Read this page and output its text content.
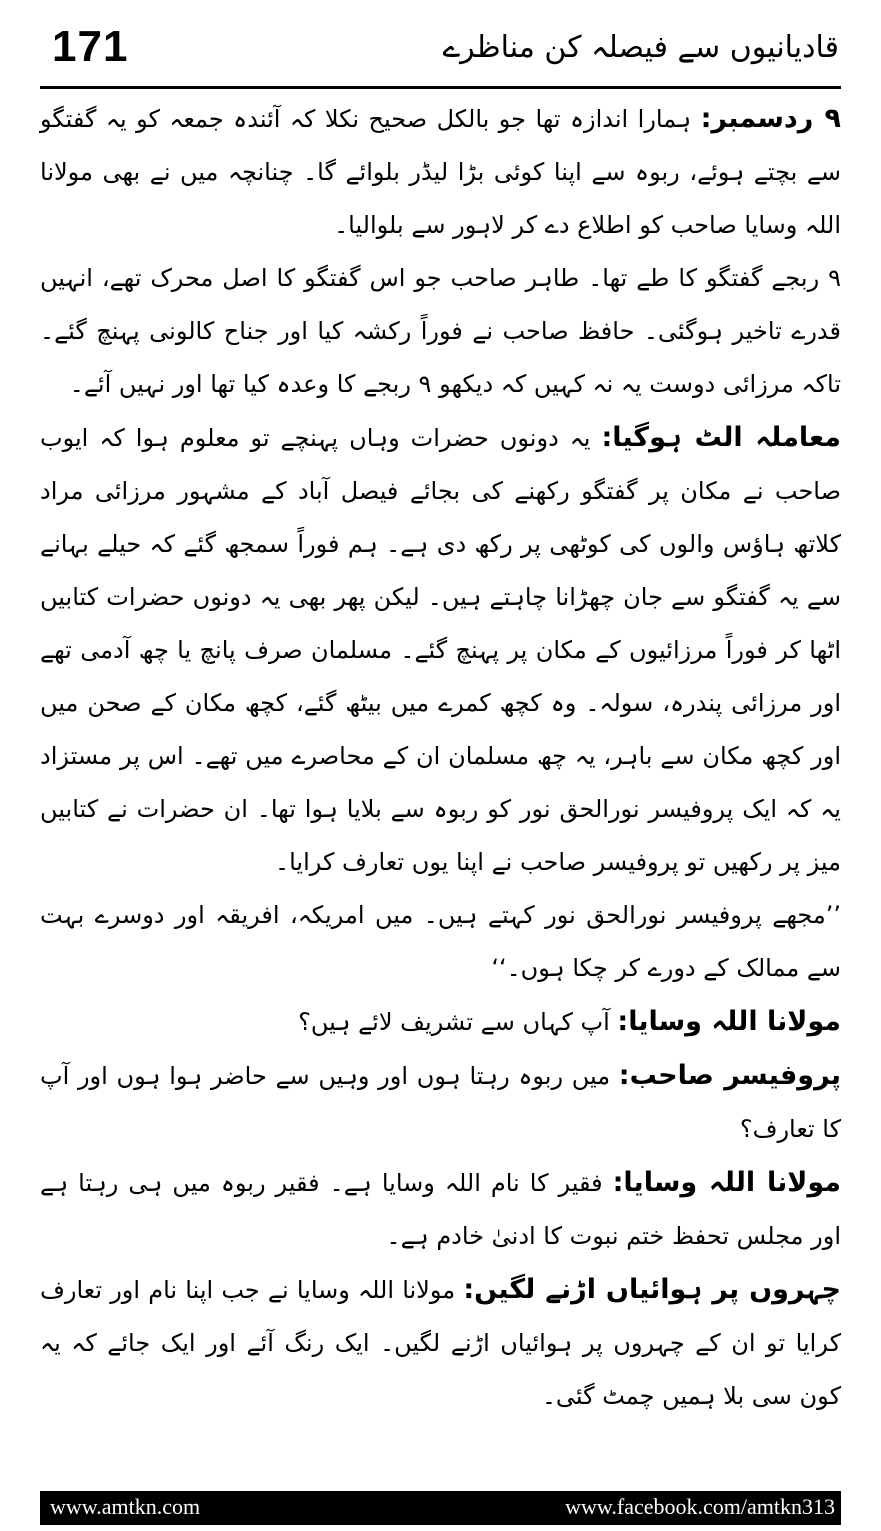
171	قادیانیوں سے فیصلہ کن مناظرے

۹ ردسمبر: ہمارا اندازہ تھا جو بالکل صحیح نکلا کہ آئندہ جمعہ کو یہ گفتگو سے بچتے ہوئے، ربوہ سے اپنا کوئی بڑا لیڈر بلوائے گا۔ چنانچہ میں نے بھی مولانا اللہ وسایا صاحب کو اطلاع دے کر لاہور سے بلوالیا۔

۹ ربجے گفتگو کا طے تھا۔ طاہر صاحب جو اس گفتگو کا اصل محرک تھے، انہیں قدرے تاخیر ہوگئی۔ حافظ صاحب نے فوراً رکشہ کیا اور جناح کالونی پہنچ گئے۔ تاکہ مرزائی دوست یہ نہ کہیں کہ دیکھو ۹ ربجے کا وعدہ کیا تھا اور نہیں آئے۔

معاملہ الٹ ہوگیا: یہ دونوں حضرات وہاں پہنچے تو معلوم ہوا کہ ایوب صاحب نے مکان پر گفتگو رکھنے کی بجائے فیصل آباد کے مشہور مرزائی مراد کلاتھ ہاؤس والوں کی کوٹھی پر رکھ دی ہے۔ ہم فوراً سمجھ گئے کہ حیلے بہانے سے یہ گفتگو سے جان چھڑانا چاہتے ہیں۔ لیکن پھر بھی یہ دونوں حضرات کتابیں اٹھا کر فوراً مرزائیوں کے مکان پر پہنچ گئے۔ مسلمان صرف پانچ یا چھ آدمی تھے اور مرزائی پندرہ، سولہ۔ وہ کچھ کمرے میں بیٹھ گئے، کچھ مکان کے صحن میں اور کچھ مکان سے باہر، یہ چھ مسلمان ان کے محاصرے میں تھے۔ اس پر مستزاد یہ کہ ایک پروفیسر نورالحق نور کو ربوہ سے بلایا ہوا تھا۔ ان حضرات نے کتابیں میز پر رکھیں تو پروفیسر صاحب نے اپنا یوں تعارف کرایا۔

’’مجھے پروفیسر نورالحق نور کہتے ہیں۔ میں امریکہ، افریقہ اور دوسرے بہت سے ممالک کے دورے کر چکا ہوں۔‘‘

مولانا اللہ وسایا: آپ کہاں سے تشریف لائے ہیں؟

پروفیسر صاحب: میں ربوہ رہتا ہوں اور وہیں سے حاضر ہوا ہوں اور آپ کا تعارف؟

مولانا اللہ وسایا: فقیر کا نام اللہ وسایا ہے۔ فقیر ربوہ میں ہی رہتا ہے اور مجلس تحفظ ختم نبوت کا ادنیٰ خادم ہے۔

چہروں پر ہوائیاں اڑنے لگیں: مولانا اللہ وسایا نے جب اپنا نام اور تعارف کرایا تو ان کے چہروں پر ہوائیاں اڑنے لگیں۔ ایک رنگ آئے اور ایک جائے کہ یہ کون سی بلا ہمیں چمٹ گئی۔

www.amtkn.com	www.facebook.com/amtkn313
